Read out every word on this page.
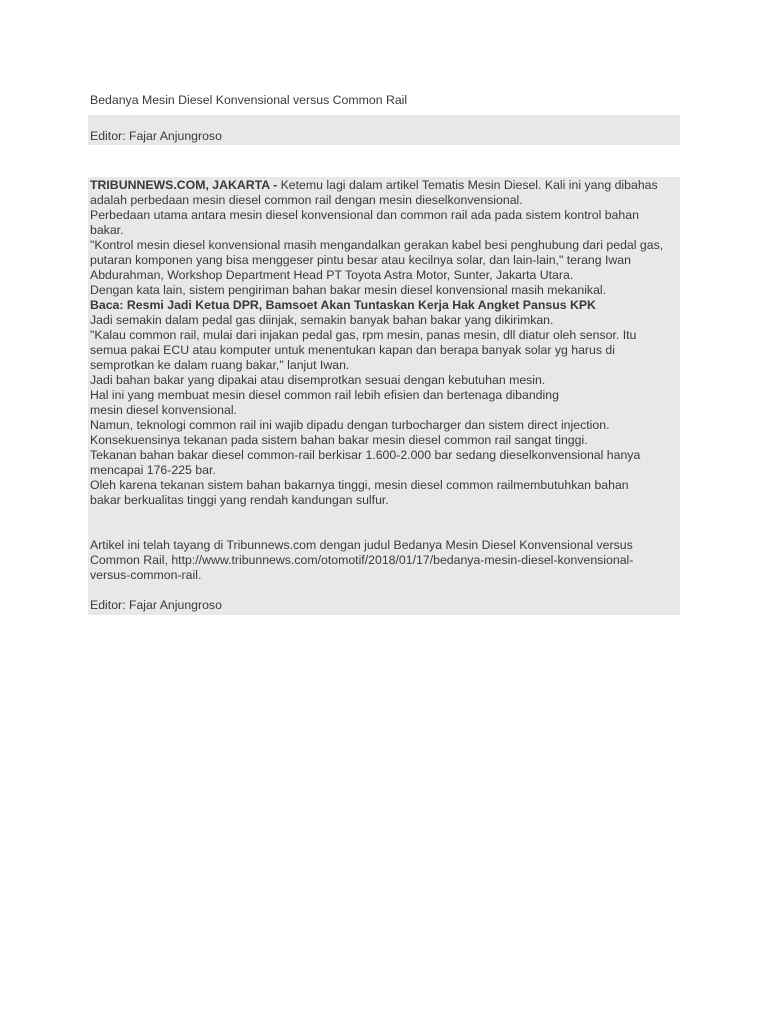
Bedanya Mesin Diesel Konvensional versus Common Rail
Editor: Fajar Anjungroso
TRIBUNNEWS.COM, JAKARTA - Ketemu lagi dalam artikel Tematis Mesin Diesel. Kali ini yang dibahas
adalah perbedaan mesin diesel common rail dengan mesin dieselkonvensional.
Perbedaan utama antara mesin diesel konvensional dan common rail ada pada sistem kontrol bahan
bakar.
"Kontrol mesin diesel konvensional masih mengandalkan gerakan kabel besi penghubung dari pedal gas,
putaran komponen yang bisa menggeser pintu besar atau kecilnya solar, dan lain-lain," terang Iwan
Abdurahman, Workshop Department Head PT Toyota Astra Motor, Sunter, Jakarta Utara.
Dengan kata lain, sistem pengiriman bahan bakar mesin diesel konvensional masih mekanikal.
Baca: Resmi Jadi Ketua DPR, Bamsoet Akan Tuntaskan Kerja Hak Angket Pansus KPK
Jadi semakin dalam pedal gas diinjak, semakin banyak bahan bakar yang dikirimkan.
"Kalau common rail, mulai dari injakan pedal gas, rpm mesin, panas mesin, dll diatur oleh sensor. Itu
semua pakai ECU atau komputer untuk menentukan kapan dan berapa banyak solar yg harus di
semprotkan ke dalam ruang bakar," lanjut Iwan.
Jadi bahan bakar yang dipakai atau disemprotkan sesuai dengan kebutuhan mesin.
Hal ini yang membuat mesin diesel common rail lebih efisien dan bertenaga dibanding
mesin diesel konvensional.
Namun, teknologi common rail ini wajib dipadu dengan turbocharger dan sistem direct injection.
Konsekuensinya tekanan pada sistem bahan bakar mesin diesel common rail sangat tinggi.
Tekanan bahan bakar diesel common-rail berkisar 1.600-2.000 bar sedang dieselkonvensional hanya
mencapai 176-225 bar.
Oleh karena tekanan sistem bahan bakarnya tinggi, mesin diesel common railmembutuhkan bahan
bakar berkualitas tinggi yang rendah kandungan sulfur.
Artikel ini telah tayang di Tribunnews.com dengan judul Bedanya Mesin Diesel Konvensional versus
Common Rail, http://www.tribunnews.com/otomotif/2018/01/17/bedanya-mesin-diesel-konvensional-
versus-common-rail.
Editor: Fajar Anjungroso
